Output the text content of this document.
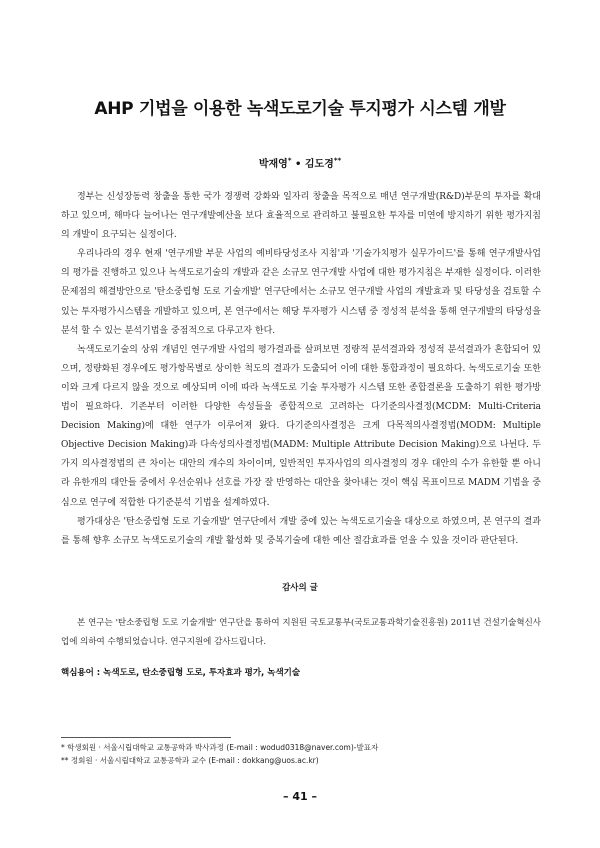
AHP 기법을 이용한 녹색도로기술 투지평가 시스템 개발
박재영* • 김도경**

정부는 신성장동력 창출을 통한 국가 경쟁력 강화와 일자리 창출을 목적으로 매년 연구개발(R&D)부문의 투자를 확대하고 있으며, 해마다 늘어나는 연구개발예산을 보다 효율적으로 관리하고 불필요한 투자를 미연에 방지하기 위한 평가지침의 개발이 요구되는 실정이다.

우리나라의 경우 현재 '연구개발 부문 사업의 예비타당성조사 지침'과 '기술가치평가 실무가이드'를 통해 연구개발사업의 평가를 진행하고 있으나 녹색도로기술의 개발과 같은 소규모 연구개발 사업에 대한 평가지침은 부재한 실정이다. 이러한 문제점의 해결방안으로 '탄소중립형 도로 기술개발' 연구단에서는 소규모 연구개발 사업의 개발효과 및 타당성을 검토할 수 있는 투자평가시스템을 개발하고 있으며, 본 연구에서는 해당 투자평가 시스템 중 정성적 분석을 통해 연구개발의 타당성을 분석 할 수 있는 분석기법을 중점적으로 다루고자 한다.

녹색도로기술의 상위 개념인 연구개발 사업의 평가결과를 살펴보면 정량적 분석결과와 정성적 분석결과가 혼합되어 있으며, 정량화된 경우에도 평가항목별로 상이한 척도의 결과가 도출되어 이에 대한 통합과정이 필요하다. 녹색도로기술 또한 이와 크게 다르지 않을 것으로 예상되며 이에 따라 녹색도로 기술 투자평가 시스템 또한 종합결론을 도출하기 위한 평가방법이 필요하다. 기존부터 이러한 다양한 속성들을 종합적으로 고려하는 다기준의사결정(MCDM: Multi-Criteria Decision Making)에 대한 연구가 이루어져 왔다. 다기준의사결정은 크게 다목적의사결정법(MODM: Multiple Objective Decision Making)과 다속성의사결정법(MADM: Multiple Attribute Decision Making)으로 나뉜다. 두 가지 의사결정법의 큰 차이는 대안의 개수의 차이이며, 일반적인 투자사업의 의사결정의 경우 대안의 수가 유한할 뿐 아니라 유한개의 대안들 중에서 우선순위나 선호를 가장 잘 반영하는 대안을 찾아내는 것이 핵심 목표이므로 MADM 기법을 중심으로 연구에 적합한 다기준분석 기법을 설계하였다.

평가대상은 '탄소중립형 도로 기술개발' 연구단에서 개발 중에 있는 녹색도로기술을 대상으로 하였으며, 본 연구의 결과를 통해 향후 소규모 녹색도로기술의 개발 활성화 및 중복기술에 대한 예산 절감효과를 얻을 수 있을 것이라 판단된다.

감사의 글

본 연구는 '탄소중립형 도로 기술개발' 연구단을 통하여 지원된 국토교통부(국토교통과학기술진흥원) 2011년 건설기술혁신사업에 의하여 수행되었습니다. 연구지원에 감사드립니다.

핵심용어 : 녹색도로, 탄소중립형 도로, 투자효과 평가, 녹색기술
* 학생회원 · 서울시립대학교 교통공학과 박사과정 (E-mail : wodud0318@naver.com)-발표자
** 정회원 · 서울시립대학교 교통공학과 교수 (E-mail : dokkang@uos.ac.kr)
– 41 –
